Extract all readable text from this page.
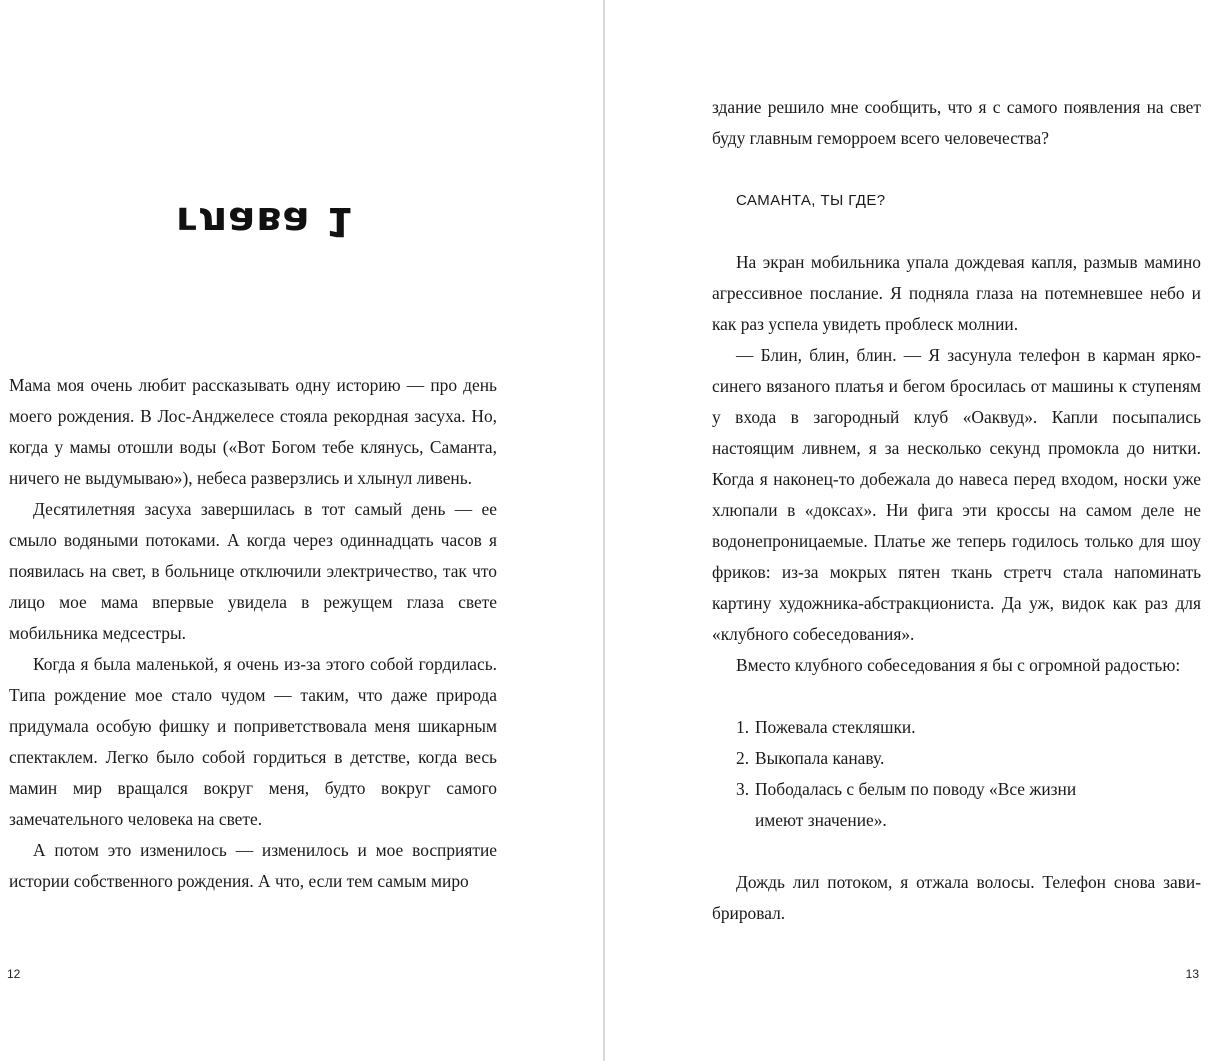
глава 1

Мама моя очень любит рассказывать одну историю — про день моего рождения. В Лос-Анджелесе стояла рекордная засуха. Но, когда у мамы отошли воды («Вот Богом тебе клянусь, Саманта, ничего не выдумываю»), небеса разверзлись и хлынул ливень.

Десятилетняя засуха завершилась в тот самый день — ее смыло водяными потоками. А когда через одиннадцать часов я появилась на свет, в больнице отключили электричество, так что лицо мое мама впервые увидела в режущем глаза свете мобильника медсестры.

Когда я была маленькой, я очень из-за этого собой гордилась. Типа рождение мое стало чудом — таким, что даже природа придумала особую фишку и поприветствовала меня шикарным спектаклем. Легко было собой гордиться в детстве, когда весь мамин мир вращался вокруг меня, будто вокруг самого замечательного человека на свете.

А потом это изменилось — изменилось и мое восприятие истории собственного рождения. А что, если тем самым миро

12

здание решило мне сообщить, что я с самого появления на свет буду главным геморроем всего человечества?

САМАНТА, ТЫ ГДЕ?

На экран мобильника упала дождевая капля, размыв мамино агрессивное послание. Я подняла глаза на потемневшее небо и как раз успела увидеть проблеск молнии.

— Блин, блин, блин. — Я засунула телефон в карман яркосинего вязаного платья и бегом бросилась от машины к ступеням у входа в загородный клуб «Оаквуд». Капли посыпались настоящим ливнем, я за несколько секунд промокла до нитки. Когда я наконец-то добежала до навеса перед входом, носки уже хлюпали в «доксах». Ни фига эти кроссы на самом деле не водонепроницаемые. Платье же теперь годилось только для шоу фриков: из-за мокрых пятен ткань стретч стала напоминать картину художника-абстракциониста. Да уж, видок как раз для «клубного собеседования».

Вместо клубного собеседования я бы с огромной радостью:

1. Пожевала стекляшки.
2. Выкопала канаву.
3. Пободалась с белым по поводу «Все жизни имеют значение».

Дождь лил потоком, я отжала волосы. Телефон снова завибрировал.

13
